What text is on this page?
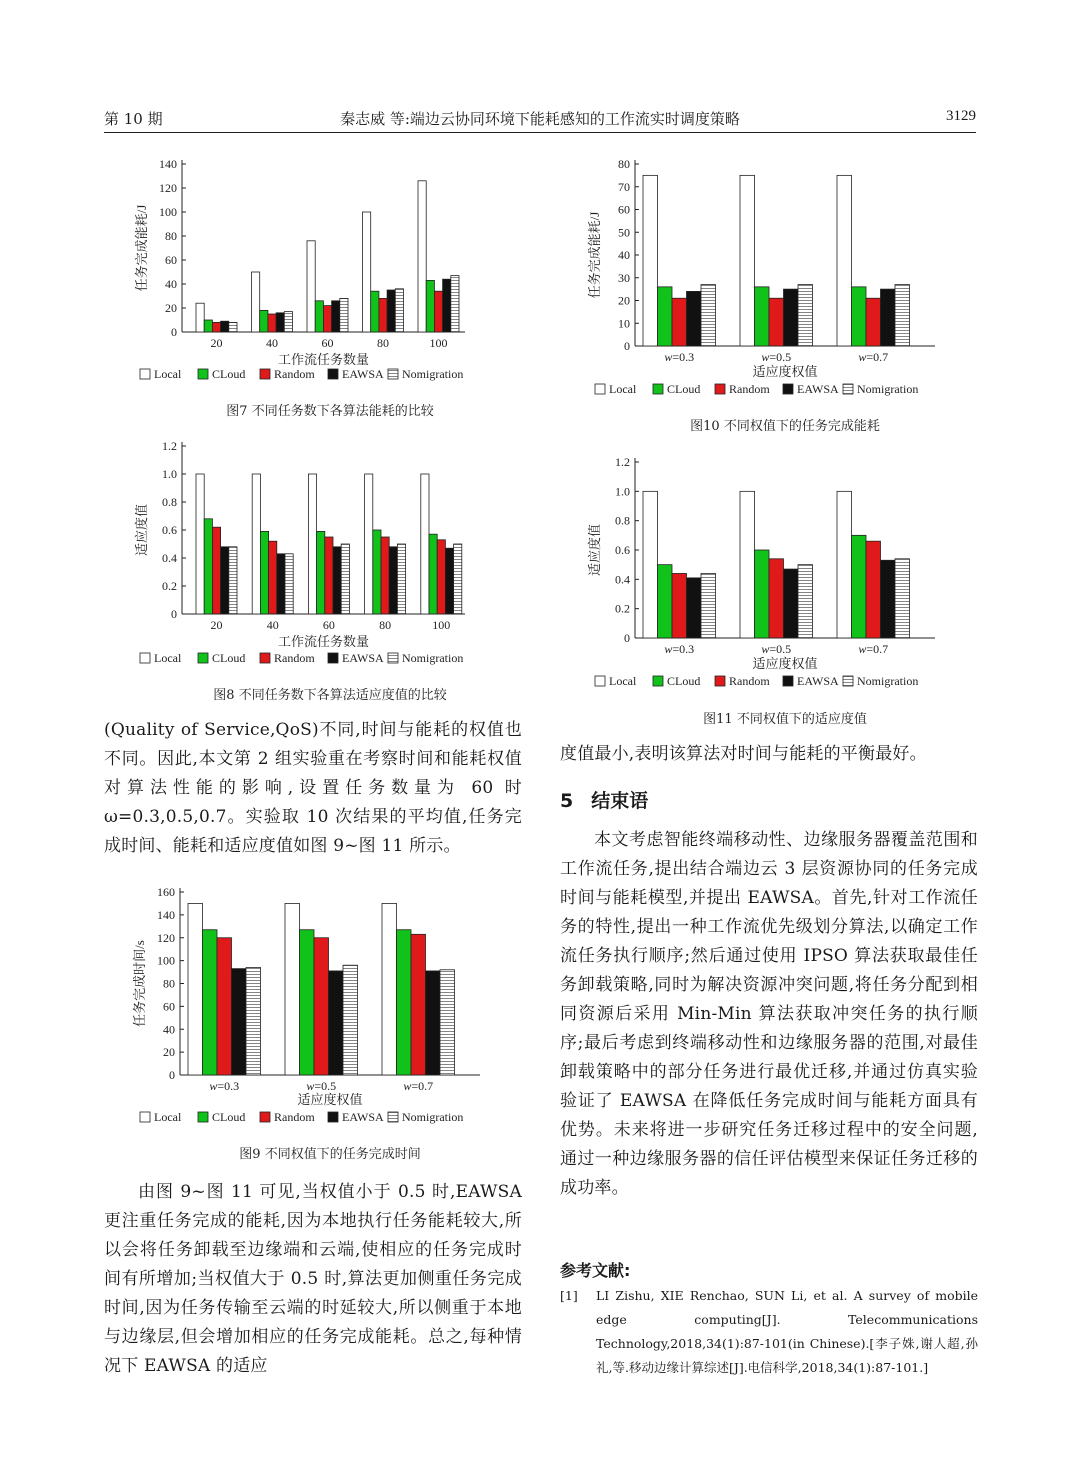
第 10 期	秦志威 等:端边云协同环境下能耗感知的工作流实时调度策略	3129
0
20
40
60
80
100
120
140
任务完成能耗/J
20	40	60	80	100
工作流任务数量
Local	CLoud Random EAWSA Nomigration
图7 不同任务数下各算法能耗的比较
0
0.2
0.4
0.6
0.8
1.0
1.2
适应度值
20	40	60	80	100
工作流任务数量
Local	CLoud Random EAWSA Nomigration
图8 不同任务数下各算法适应度值的比较
0
20
40
60
80
100
120
140
160
任务完成时间/s
w=0.3	w=0.5	w=0.7
适应度权值
Local	CLoud Random EAWSA Nomigration
图9 不同权值下的任务完成时间
0
10
20
30
40
50
60
70
80
任务完成能耗/J
w=0.3	w=0.5	w=0.7
适应度权值
Local	CLoud Random EAWSA Nomigration
图10 不同权值下的任务完成能耗
0
0.2
0.4
0.6
0.8
1.0
1.2
适应度值
w=0.3	w=0.5	w=0.7
适应度权值
Local	CLoud Random EAWSA Nomigration
图11 不同权值下的适应度值

(Quality of Service,QoS)不同,时间与能耗的权值也不同。因此,本文第 2 组实验重在考察时间和能耗权值对算法性能的影响,设置任务数量为 60 时 ω=0.3,0.5,0.7。实验取 10 次结果的平均值,任务完成时间、能耗和适应度值如图 9~图 11 所示。

由图 9~图 11 可见,当权值小于 0.5 时,EAWSA 更注重任务完成的能耗,因为本地执行任务能耗较大,所以会将任务卸载至边缘端和云端,使相应的任务完成时间有所增加;当权值大于 0.5 时,算法更加侧重任务完成时间,因为任务传输至云端的时延较大,所以侧重于本地与边缘层,但会增加相应的任务完成能耗。总之,每种情况下 EAWSA 的适应

度值最小,表明该算法对时间与能耗的平衡最好。

5 结束语

本文考虑智能终端移动性、边缘服务器覆盖范围和工作流任务,提出结合端边云 3 层资源协同的任务完成时间与能耗模型,并提出 EAWSA。首先,针对工作流任务的特性,提出一种工作流优先级划分算法,以确定工作流任务执行顺序;然后通过使用 IPSO 算法获取最佳任务卸载策略,同时为解决资源冲突问题,将任务分配到相同资源后采用 Min-Min 算法获取冲突任务的执行顺序;最后考虑到终端移动性和边缘服务器的范围,对最佳卸载策略中的部分任务进行最优迁移,并通过仿真实验验证了 EAWSA 在降低任务完成时间与能耗方面具有优势。未来将进一步研究任务迁移过程中的安全问题,通过一种边缘服务器的信任评估模型来保证任务迁移的成功率。

参考文献:
[1] LI Zishu, XIE Renchao, SUN Li, et al. A survey of mobile edge computing[J]. Telecommunications Technology,2018,34(1):87-101(in Chinese).[李子姝,谢人超,孙 礼,等.移动边缘计算综述[J].电信科学,2018,34(1):87-101.]
